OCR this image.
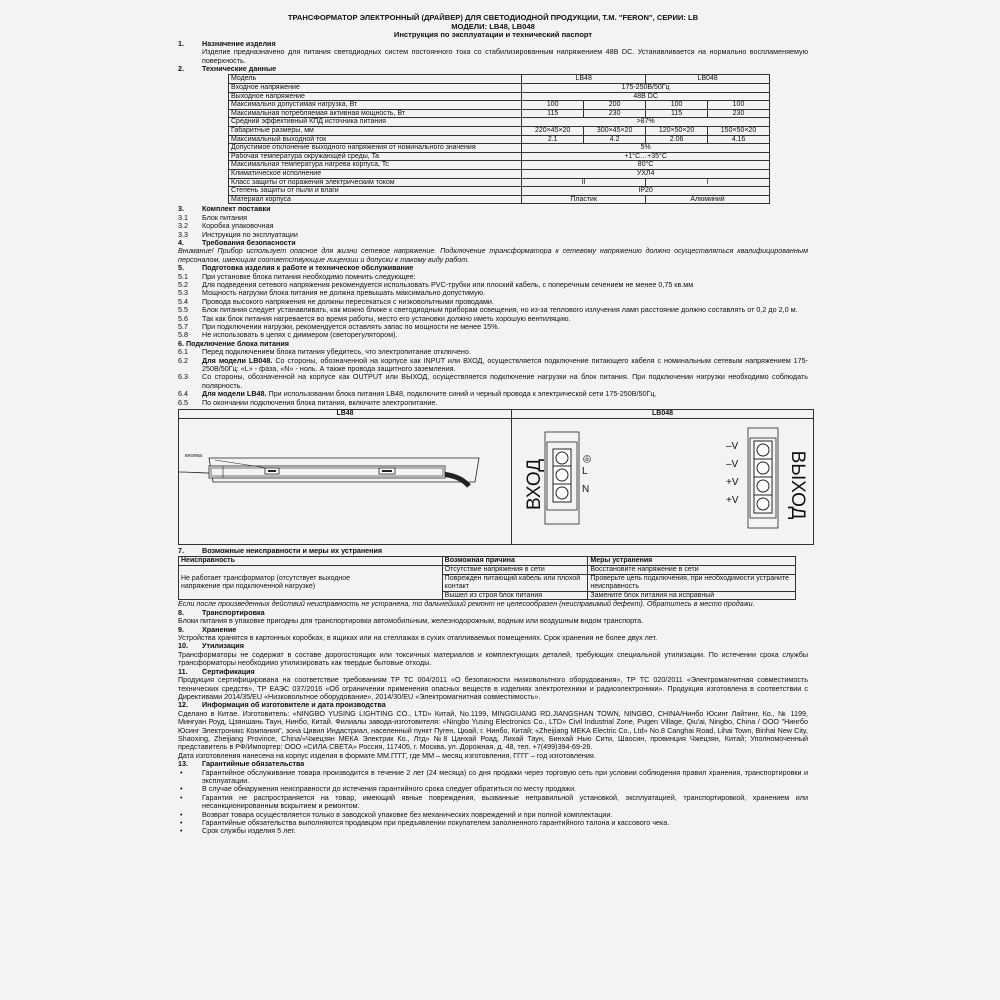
ТРАНСФОРМАТОР ЭЛЕКТРОННЫЙ (ДРАЙВЕР) ДЛЯ СВЕТОДИОДНОЙ ПРОДУКЦИИ, Т.М. "FERON", СЕРИИ: LB
МОДЕЛИ: LB48, LB048
Инструкция по эксплуатации и технический паспорт
1.	Назначение изделия
Изделие предназначено для питания светодиодных систем постоянного тока со стабилизированным напряжением 48В DC. Устанавливается на нормально воспламеняемую поверхность.
2.	Технические данные
Модель	LB48		LB048	
Входное напряжение	175-250В/50Гц			
Выходное напряжение	48В DC			
Максимально допустимая нагрузка, Вт	100	200	100	100
Максимальная потребляемая активная мощность, Вт	115	230	115	230
Средний эффективный КПД источника питания	>87%			
Габаритные размеры, мм	220×45×20	300×45×20	120×50×20	150×50×20
Максимальный выходной ток	2.1	4.2	2.06	4.16
Допустимое отклонение выходного напряжения от номинального значения	5%			
Рабочая температура окружающей среды, Ta	+1°С…+35°С			
Максимальная температура нагрева корпуса, Tc	80°С			
Климатическое исполнение	УХЛ4			
Класс защиты от поражения электрическим током	II		I	
Степень защиты от пыли и влаги	IP20			
Материал корпуса	Пластик		Алюминий	
3.	Комплект поставки
3.1	Блок питания
3.2	Коробка упаковочная
3.3	Инструкция по эксплуатации
4.	Требования безопасности
Внимание! Прибор использует опасное для жизни сетевое напряжение. Подключение трансформатора к сетевому напряжению должно осуществляться квалифицированным персоналом, имеющим соответствующие лицензии и допуски к такому виду работ.
5.	Подготовка изделия к работе и техническое обслуживание
5.1	При установке блока питания необходимо помнить следующее:
5.2	Для подведения сетевого напряжения рекомендуется использовать PVC-трубки или плоский кабель, с поперечным сечением не менее 0,75 кв.мм
5.3	Мощность нагрузки блока питания не должна превышать максимально допустимую.
5.4	Провода высокого напряжения не должны пересекаться с низковольтными проводами.
5.5	Блок питания следует устанавливать, как можно ближе к светодиодным приборам освещения, но из-за теплового излучения ламп расстояние должно составлять от 0,2 до 2,0 м.
5.6	Так как блок питания нагревается во время работы, место его установки должно иметь хорошую вентиляцию.
5.7	При подключении нагрузки, рекомендуется оставлять запас по мощности не менее 15%.
5.8	Не использовать в цепях с диммером (светорегулятором).
6. Подключение блока питания
6.1	Перед подключением блока питания убедитесь, что электропитание отключено.
6.2	Для модели LB048. Со стороны, обозначенной на корпусе как INPUT или ВХОД, осуществляется подключение питающего кабеля с номинальным сетевым напряжением 175-250В/50Гц: «L» - фаза, «N» - ноль. А также провода защитного заземления.
6.3	Со стороны, обозначенной на корпусе как OUTPUT или ВЫХОД, осуществляется подключение нагрузки на блок питания. При подключении нагрузки необходимо соблюдать полярность.
6.4	Для модели LB48. При использовании блока питания LB48, подключите синий и черный провода к электрической сети 175-250В/50Гц.
6.5	По окончании подключения блока питания, включите электропитание.
LB48
кнопка
LB048
ВХОД	ВЫХОД
L
N
–V
–V
+V
+V
7.	Возможные неисправности и меры их устранения
Неисправность	Возможная причина	Меры устранения
Не работает трансформатор (отсутствует выходное напряжение при подключенной нагрузке)	Отсутствие напряжения в сети	Восстановите напряжение в сети
	Поврежден питающий кабель или плохой контакт	Проверьте цепь подключения, при необходимости устраните неисправность
	Вышел из строя блок питания	Замените блок питания на исправный
Если после произведенных действий неисправность не устранена, то дальнейший ремонт не целесообразен (неисправимый дефект). Обратитесь в место продажи.
8.	Транспортировка
Блоки питания в упаковке пригодны для транспортировки автомобильным, железнодорожным, водным или воздушным видом транспорта.
9.	Хранение
Устройства хранятся в картонных коробках, в ящиках или на стеллажах в сухих отапливаемых помещениях. Срок хранения не более двух лет.
10.	Утилизация
Трансформаторы не содержат в составе дорогостоящих или токсичных материалов и комплектующих деталей, требующих специальной утилизации. По истечении срока службы трансформаторы необходимо утилизировать как твердые бытовые отходы.
11.	Сертификация
Продукция сертифицирована на соответствие требованиям ТР ТС 004/2011 «О безопасности низковольтного оборудования», ТР ТС 020/2011 «Электромагнитная совместимость технических средств», ТР ЕАЭС 037/2016 «Об ограничении применения опасных веществ в изделиях электротехники и радиоэлектроники». Продукция изготовлена в соответствии с Директивами 2014/35/EU «Низковольтное оборудование», 2014/30/EU «Электромагнитная совместимость».
12.	Информация об изготовителе и дата производства
Сделано в Китае. Изготовитель: «NINGBO YUSING LIGHTING CO., LTD» Китай, No.1199, MINGGUANG RD.JIANGSHAN TOWN, NINGBO, CHINA/Нинбо Юсинг Лайтинг, Ко., № 1199, Мингуан Роуд, Цзяншань Таун, Нинбо, Китай. Филиалы завода-изготовителя: «Ningbo Yusing Electronics Co., LTD» Civil Industrial Zone, Pugen Village, Qiu'ai, Ningbo, China / ООО "Нингбо Юсинг Электроникс Компания", зона Цивил Индастриал, населенный пункт Пуген, Цюай, г. Нинбо, Китай; «Zheijiang MEKA Electric Co., Ltd» No.8 Canghai Road, Lihai Town, Binhai New City, Shaoxing, Zheijiang Province, China/«Чжецзян МЕКА Электрик Ко., Лтд» №8 Цанхай Роад, Лихай Таун, Бинхай Нью Сити, Шаосин, провинция Чжецзян, Китай; Уполномоченный представитель в РФ/Импортер: ООО «СИЛА СВЕТА» Россия, 117405, г. Москва, ул. Дорожная, д. 48, тел. +7(499)394-69-26.
Дата изготовления нанесена на корпус изделия в формате ММ.ГГГГ, где ММ – месяц изготовления, ГГГГ – год изготовления.
13.	Гарантийные обязательства
•	Гарантийное обслуживание товара производится в течение 2 лет (24 месяца) со дня продажи через торговую сеть при условии соблюдения правил хранения, транспортировки и эксплуатации.
•	В случае обнаружения неисправности до истечения гарантийного срока следует обратиться по месту продажи.
•	Гарантия не распространяется на товар, имеющий явные повреждения, вызванные неправильной установкой, эксплуатацией, транспортировкой, хранением или несанкционированным вскрытием и ремонтом.
•	Возврат товара осуществляется только в заводской упаковке без механических повреждений и при полной комплектации.
•	Гарантийные обязательства выполняются продавцом при предъявлении покупателем заполненного гарантийного талона и кассового чека.
•	Срок службы изделия 5 лет.
